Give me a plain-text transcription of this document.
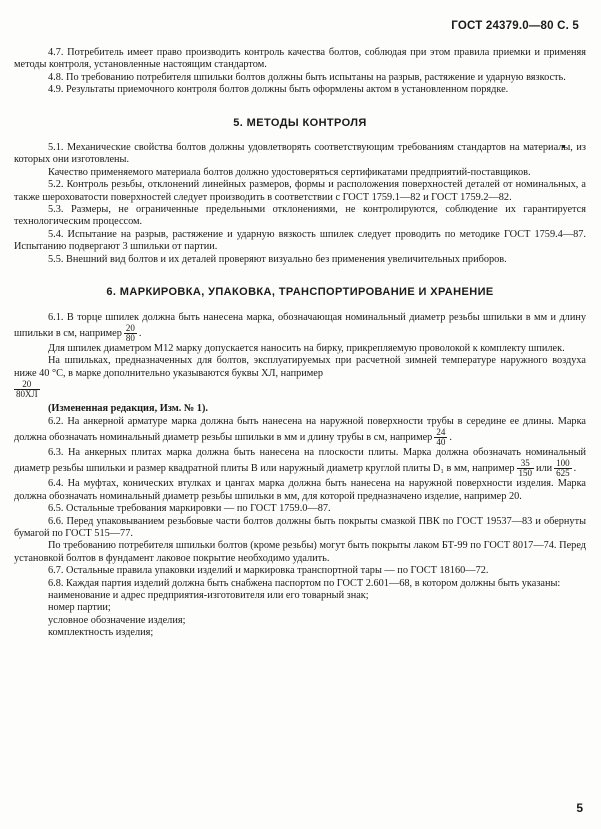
ГОСТ 24379.0—80 С. 5

4.7. Потребитель имеет право производить контроль качества болтов, соблюдая при этом правила приемки и применяя методы контроля, установленные настоящим стандартом.

4.8. По требованию потребителя шпильки болтов должны быть испытаны на разрыв, растяжение и ударную вязкость.

4.9. Результаты приемочного контроля болтов должны быть оформлены актом в установленном порядке.

5. МЕТОДЫ КОНТРОЛЯ

5.1. Механические свойства болтов должны удовлетворять соответствующим требованиям стандартов на материалы, из которых они изготовлены.

Качество применяемого материала болтов должно удостоверяться сертификатами предприятий-поставщиков.

5.2. Контроль резьбы, отклонений линейных размеров, формы и расположения поверхностей деталей от номинальных, а также шероховатости поверхностей следует производить в соответствии с ГОСТ 1759.1—82 и ГОСТ 1759.2—82.

5.3. Размеры, не ограниченные предельными отклонениями, не контролируются, соблюдение их гарантируется технологическим процессом.

5.4. Испытание на разрыв, растяжение и ударную вязкость шпилек следует проводить по методике ГОСТ 1759.4—87. Испытанию подвергают 3 шпильки от партии.

5.5. Внешний вид болтов и их деталей проверяют визуально без применения увеличительных приборов.

6. МАРКИРОВКА, УПАКОВКА, ТРАНСПОРТИРОВАНИЕ И ХРАНЕНИЕ

6.1. В торце шпилек должна быть нанесена марка, обозначающая номинальный диаметр резьбы шпильки в мм и длину шпильки в см, например $\frac{20}{80}$ .

Для шпилек диаметром М12 марку допускается наносить на бирку, прикрепляемую проволокой к комплекту шпилек.

На шпильках, предназначенных для болтов, эксплуатируемых при расчетной зимней температуре наружного воздуха ниже 40 °С, в марке дополнительно указываются буквы ХЛ, например

20
80ХЛ

(Измененная редакция, Изм. № 1).

6.2. На анкерной арматуре марка должна быть нанесена на наружной поверхности трубы в середине ее длины. Марка должна обозначать номинальный диаметр резьбы шпильки в мм и длину трубы в см, например $\frac{24}{40}$ .

6.3. На анкерных плитах марка должна быть нанесена на плоскости плиты. Марка должна обозначать номинальный диаметр резьбы шпильки и размер квадратной плиты B или наружный диаметр круглой плиты D₁ в мм, например $\frac{35}{150}$ или $\frac{100}{625}$ .

6.4. На муфтах, конических втулках и цангах марка должна быть нанесена на наружной поверхности изделия. Марка должна обозначать номинальный диаметр резьбы шпильки в мм, для которой предназначено изделие, например 20.

6.5. Остальные требования маркировки — по ГОСТ 1759.0—87.

6.6. Перед упаковыванием резьбовые части болтов должны быть покрыты смазкой ПВК по ГОСТ 19537—83 и обернуты бумагой по ГОСТ 515—77.

По требованию потребителя шпильки болтов (кроме резьбы) могут быть покрыты лаком БТ-99 по ГОСТ 8017—74. Перед установкой болтов в фундамент лаковое покрытие необходимо удалить.

6.7. Остальные правила упаковки изделий и маркировка транспортной тары — по ГОСТ 18160—72.

6.8. Каждая партия изделий должна быть снабжена паспортом по ГОСТ 2.601—68, в котором должны быть указаны:

наименование и адрес предприятия-изготовителя или его товарный знак;

номер партии;

условное обозначение изделия;

комплектность изделия;

5
